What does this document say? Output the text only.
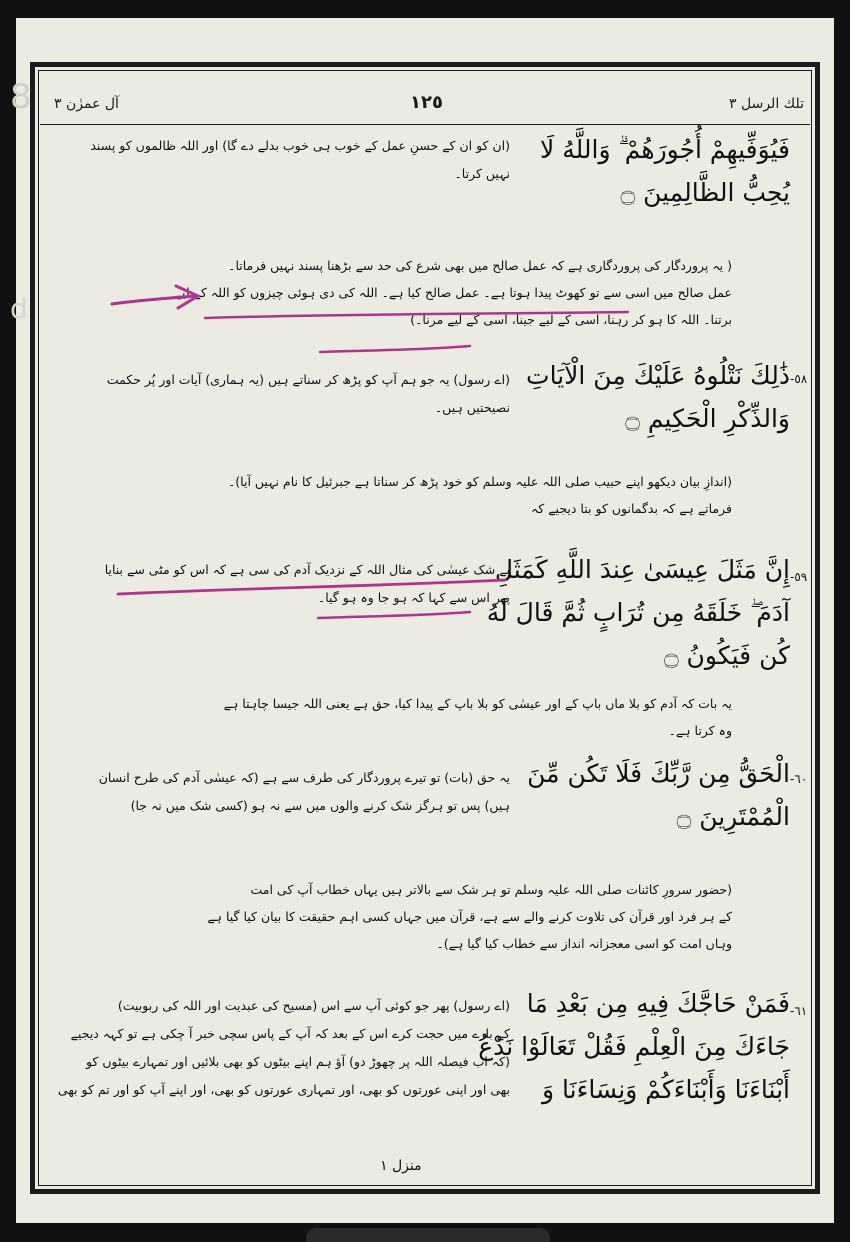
8
d
تلك الرسل ٣
١٢٥
آل عمرٰن ٣
فَيُوَفِّيهِمْ أُجُورَهُمْ ۗ وَاللَّهُ لَا
يُحِبُّ الظَّالِمِينَ ۝
(ان کو ان کے حسنِ عمل کے خوب ہی خوب بدلے دے گا) اور اللہ ظالموں کو پسند
نہیں کرتا۔
( یہ پروردگار کی پروردگاری ہے کہ عمل صالح میں بھی شرع کی حد سے بڑھنا پسند نہیں فرماتا۔
عمل صالح میں اسی سے تو کھوٹ پیدا ہوتا ہے۔ عمل صالح کیا ہے۔ اللہ کی دی ہوئی چیزوں کو اللہ کے لیے
برتنا۔ اللہ کا ہو کر رہنا، اسی کے لیے جینا، اسی کے لیے مرنا۔)
-٥٨
ذَٰلِكَ نَتْلُوهُ عَلَيْكَ مِنَ الْآيَاتِ
وَالذِّكْرِ الْحَكِيمِ ۝
(اے رسول) یہ جو ہم آپ کو پڑھ کر سناتے ہیں (یہ ہماری) آیات اور پُر حکمت
نصیحتیں ہیں۔
(اندازِ بیان دیکھو اپنے حبیب صلی اللہ علیہ وسلم کو خود پڑھ کر سناتا ہے جبرئیل کا نام نہیں آیا)۔
فرماتے ہے کہ بدگمانوں کو بتا دیجیے کہ
-٥٩
إِنَّ مَثَلَ عِيسَىٰ عِندَ اللَّهِ كَمَثَلِ
آدَمَ ۖ خَلَقَهُ مِن تُرَابٍ ثُمَّ قَالَ لَهُ
كُن فَيَكُونُ ۝
بے شک عیسٰی کی مثال اللہ کے نزدیک آدم کی سی ہے کہ اس کو مٹی سے بنایا
پھر اس سے کہا کہ ہو جا وہ ہو گیا۔
یہ بات کہ آدم کو بلا ماں باپ کے اور عیسٰی کو بلا باپ کے پیدا کیا، حق ہے یعنی اللہ جیسا چاہتا ہے
وہ کرتا ہے۔
-٦٠
الْحَقُّ مِن رَّبِّكَ فَلَا تَكُن مِّنَ
الْمُمْتَرِينَ ۝
یہ حق (بات) تو تیرے پروردگار کی طرف سے ہے (کہ عیسٰی آدم کی طرح انسان
ہیں) پس تو ہرگز شک کرنے والوں میں سے نہ ہو (کسی شک میں نہ جا)
(حضور سرورِ کائنات صلی اللہ علیہ وسلم تو ہر شک سے بالاتر ہیں یہاں خطاب آپ کی امت
کے ہر فرد اور قرآن کی تلاوت کرنے والے سے ہے، قرآن میں جہاں کسی اہم حقیقت کا بیان کیا گیا ہے
وہاں امت کو اسی معجزانہ انداز سے خطاب کیا گیا ہے)۔
-٦١
فَمَنْ حَاجَّكَ فِيهِ مِن بَعْدِ مَا
جَاءَكَ مِنَ الْعِلْمِ فَقُلْ تَعَالَوْا نَدْعُ
أَبْنَاءَنَا وَأَبْنَاءَكُمْ وَنِسَاءَنَا وَ
(اے رسول) پھر جو کوئی آپ سے اس (مسیح کی عبدیت اور اللہ کی ربوبیت)
کے بارے میں حجت کرے اس کے بعد کہ آپ کے پاس سچی خبر آ چکی ہے تو کہہ دیجیے
(کہ اب فیصلہ اللہ پر چھوڑ دو) آؤ ہم اپنے بیٹوں کو بھی بلائیں اور تمہارے بیٹوں کو
بھی اور اپنی عورتوں کو بھی، اور تمہاری عورتوں کو بھی، اور اپنے آپ کو اور تم کو بھی
منزل ١
